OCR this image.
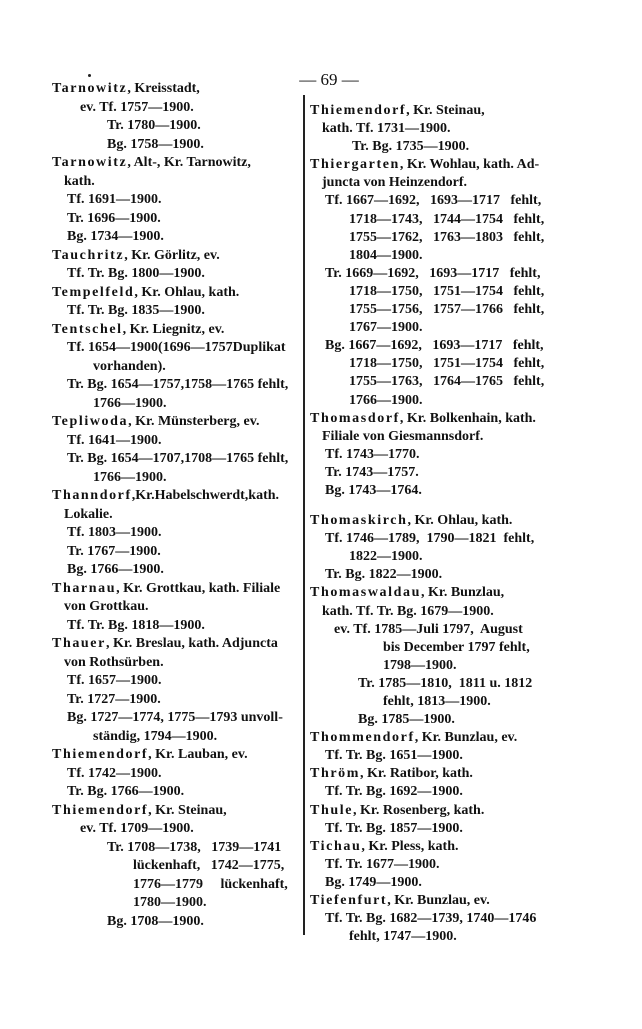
— 69 —
Tarnowitz, Kreisstadt,
ev. Tf. 1757—1900.
Tr. 1780—1900.
Bg. 1758—1900.
Tarnowitz, Alt-, Kr. Tarnowitz,
kath.
Tf. 1691—1900.
Tr. 1696—1900.
Bg. 1734—1900.
Tauchritz, Kr. Görlitz, ev.
Tf. Tr. Bg. 1800—1900.
Tempelfeld, Kr. Ohlau, kath.
Tf. Tr. Bg. 1835—1900.
Tentschel, Kr. Liegnitz, ev.
Tf. 1654—1900(1696—1757Duplikat
vorhanden).
Tr. Bg. 1654—1757,1758—1765 fehlt,
1766—1900.
Tepliwoda, Kr. Münsterberg, ev.
Tf. 1641—1900.
Tr. Bg. 1654—1707,1708—1765 fehlt,
1766—1900.
Thanndorf,Kr.Habelschwerdt,kath.
Lokalie.
Tf. 1803—1900.
Tr. 1767—1900.
Bg. 1766—1900.
Tharnau, Kr. Grottkau, kath. Filiale
von Grottkau.
Tf. Tr. Bg. 1818—1900.
Thauer, Kr. Breslau, kath. Adjuncta
von Rothsürben.
Tf. 1657—1900.
Tr. 1727—1900.
Bg. 1727—1774, 1775—1793 unvoll-
ständig, 1794—1900.
Thiemendorf, Kr. Lauban, ev.
Tf. 1742—1900.
Tr. Bg. 1766—1900.
Thiemendorf, Kr. Steinau,
ev. Tf. 1709—1900.
Tr. 1708—1738,   1739—1741
lückenhaft,   1742—1775,
1776—1779     lückenhaft,
1780—1900.
Bg. 1708—1900.
Thiemendorf, Kr. Steinau,
kath. Tf. 1731—1900.
Tr. Bg. 1735—1900.
Thiergarten, Kr. Wohlau, kath. Ad-
juncta von Heinzendorf.
Tf. 1667—1692,   1693—1717   fehlt,
1718—1743,   1744—1754   fehlt,
1755—1762,   1763—1803   fehlt,
1804—1900.
Tr. 1669—1692,   1693—1717   fehlt,
1718—1750,   1751—1754   fehlt,
1755—1756,   1757—1766   fehlt,
1767—1900.
Bg. 1667—1692,   1693—1717   fehlt,
1718—1750,   1751—1754   fehlt,
1755—1763,   1764—1765   fehlt,
1766—1900.
Thomasdorf, Kr. Bolkenhain, kath.
Filiale von Giesmannsdorf.
Tf. 1743—1770.
Tr. 1743—1757.
Bg. 1743—1764.
Thomaskirch, Kr. Ohlau, kath.
Tf. 1746—1789,  1790—1821  fehlt,
1822—1900.
Tr. Bg. 1822—1900.
Thomaswaldau, Kr. Bunzlau,
kath. Tf. Tr. Bg. 1679—1900.
ev. Tf. 1785—Juli 1797,  August
bis December 1797 fehlt,
1798—1900.
Tr. 1785—1810,  1811 u. 1812
fehlt, 1813—1900.
Bg. 1785—1900.
Thommendorf, Kr. Bunzlau, ev.
Tf. Tr. Bg. 1651—1900.
Thröm, Kr. Ratibor, kath.
Tf. Tr. Bg. 1692—1900.
Thule, Kr. Rosenberg, kath.
Tf. Tr. Bg. 1857—1900.
Tichau, Kr. Pless, kath.
Tf. Tr. 1677—1900.
Bg. 1749—1900.
Tiefenfurt, Kr. Bunzlau, ev.
Tf. Tr. Bg. 1682—1739, 1740—1746
fehlt, 1747—1900.
